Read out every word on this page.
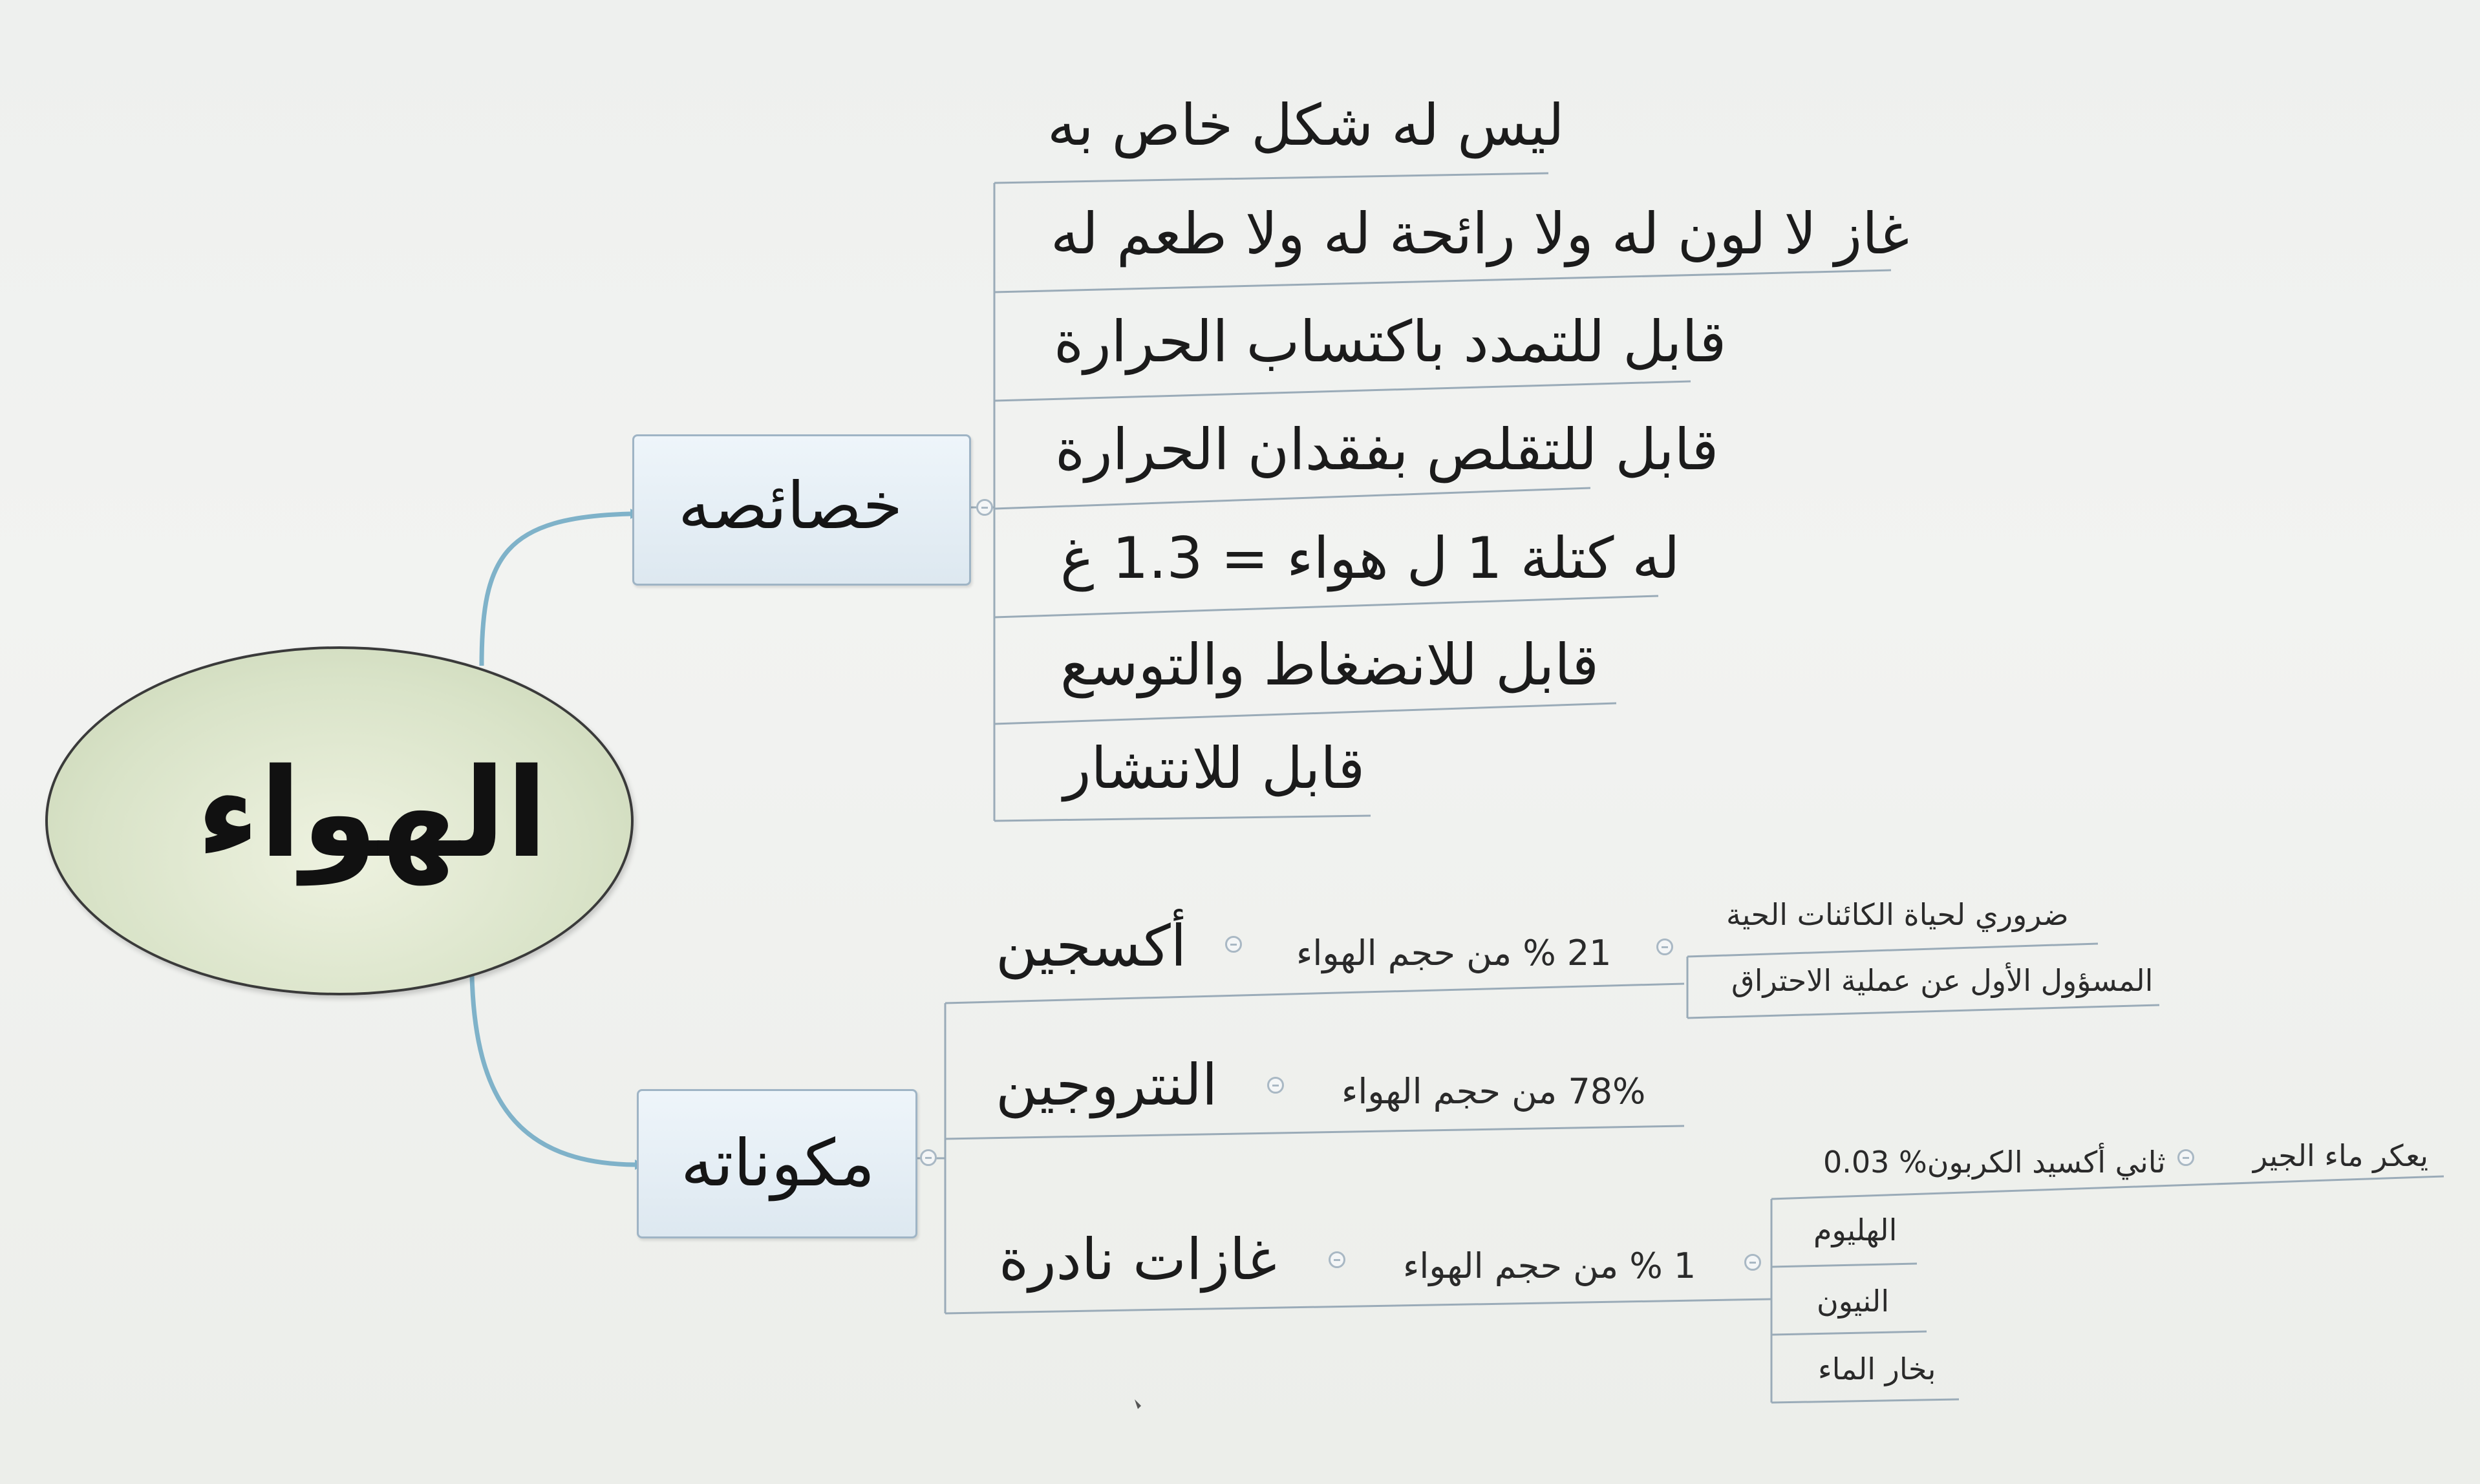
الهواء
خصائصه
ليس له شكل خاص به
غاز لا لون له ولا رائحة له ولا طعم له
قابل للتمدد باكتساب الحرارة
قابل للتقلص بفقدان الحرارة
له كتلة 1 ل هواء = 1.3 غ
قابل للانضغاط والتوسع
قابل للانتشار
مكوناته
أكسجين	21 % من حجم الهواء
ضروري لحياة الكائنات الحية
المسؤول الأول عن عملية الاحتراق
النتروجين	78% من حجم الهواء
غازات نادرة	1 % من حجم الهواء
ثاني أكسيد الكربون% 0.03	يعكر ماء الجير
الهليوم
النيون
بخار الماء
